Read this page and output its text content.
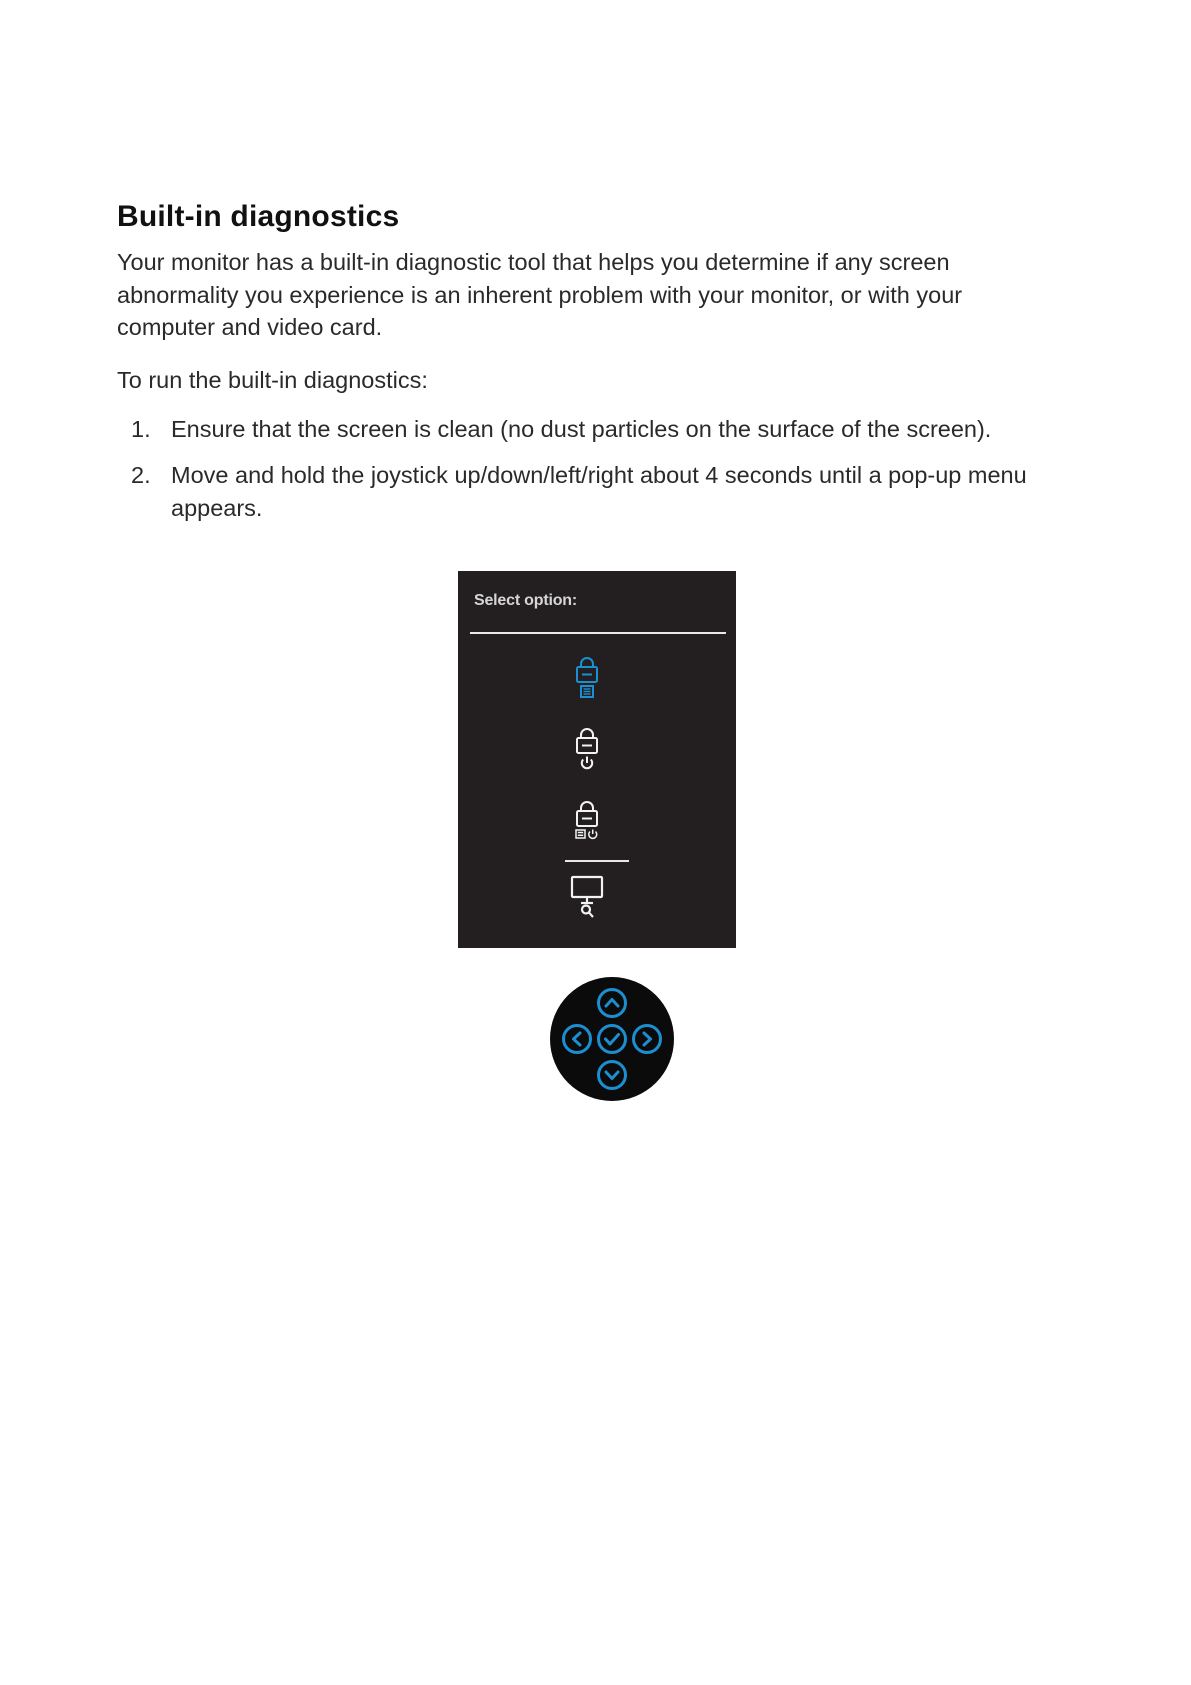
Built-in diagnostics

Your monitor has a built-in diagnostic tool that helps you determine if any screen abnormality you experience is an inherent problem with your monitor, or with your computer and video card.

To run the built-in diagnostics:

1. Ensure that the screen is clean (no dust particles on the surface of the screen).
2. Move and hold the joystick up/down/left/right about 4 seconds until a pop-up menu appears.
Select option:
